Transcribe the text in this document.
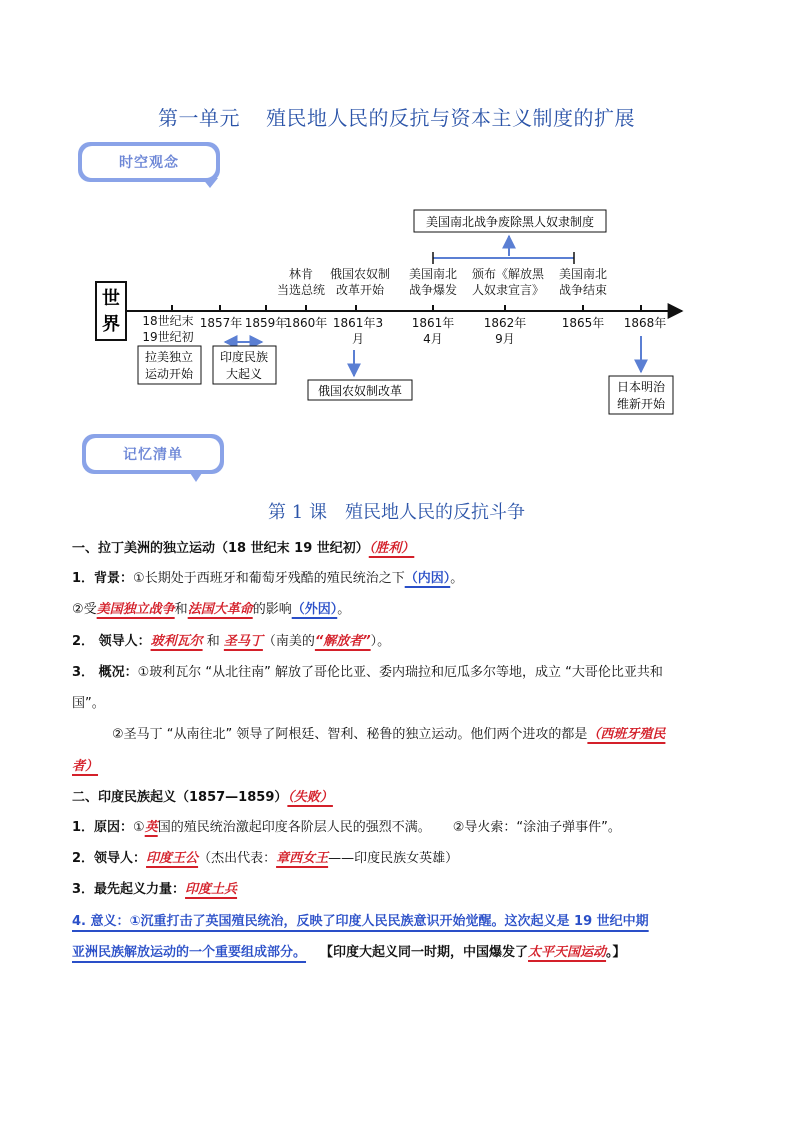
第一单元 殖民地人民的反抗与资本主义制度的扩展
时空观念
世
界 18世纪末
19世纪初
1857年 1859年
1860年 1861年3
月
1861年
4月
1862年
9月
1865年 1868年
林肯
当选总统
俄国农奴制
改革开始
美国南北
战争爆发
颁布《解放黑
人奴隶宣言》
美国南北
战争结束
美国南北战争废除黑人奴隶制度
拉美独立
运动开始
印度民族
大起义
俄国农奴制改革	日本明治
维新开始
记忆清单
第 1 课 殖民地人民的反抗斗争
一、拉丁美洲的独立运动（18 世纪末 19 世纪初）（胜利）
1．背景：①长期处于西班牙和葡萄牙残酷的殖民统治之下（内因）。
②受美国独立战争和法国大革命的影响（外因）。
2． 领导人：玻利瓦尔 和 圣马丁（南美的“解放者”）。
3． 概况：①玻利瓦尔 “从北往南” 解放了哥伦比亚、委内瑞拉和厄瓜多尔等地，成立 “大哥伦比亚共和
国”。
②圣马丁 “从南往北” 领导了阿根廷、智利、秘鲁的独立运动。他们两个进攻的都是（西班牙殖民
者）
二、印度民族起义（1857—1859）（失败）
1．原因：①英国的殖民统治激起印度各阶层人民的强烈不满。 ②导火索：“涂油子弹事件”。
2．领导人：印度王公（杰出代表：章西女王——印度民族女英雄）
3．最先起义力量：印度土兵
4. 意义：①沉重打击了英国殖民统治，反映了印度人民民族意识开始觉醒。这次起义是 19 世纪中期
亚洲民族解放运动的一个重要组成部分。 【印度大起义同一时期，中国爆发了太平天国运动。】
